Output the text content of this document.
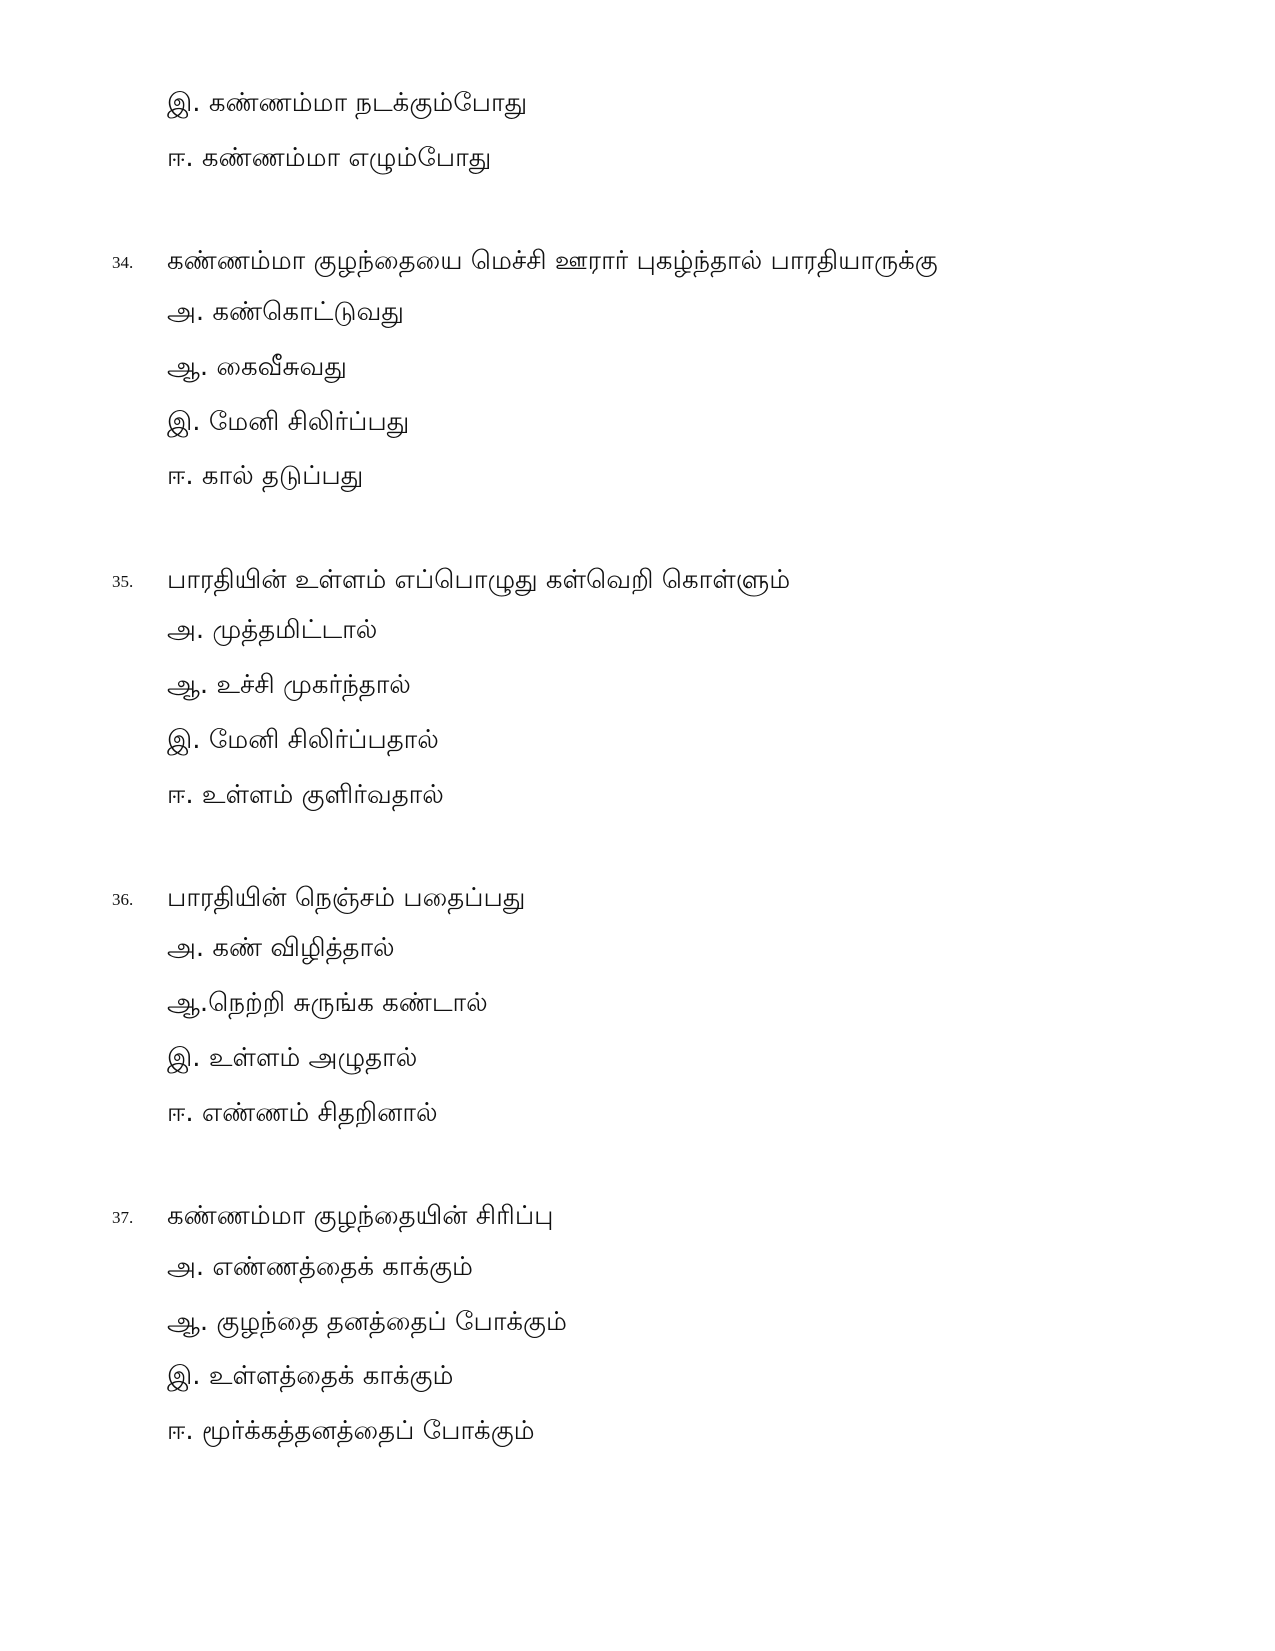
இ. கண்ணம்மா நடக்கும்போது
ஈ. கண்ணம்மா எழும்போது
34. கண்ணம்மா குழந்தையை மெச்சி ஊரார் புகழ்ந்தால் பாரதியாருக்கு
அ. கண்கொட்டுவது
ஆ. கைவீசுவது
இ. மேனி சிலிர்ப்பது
ஈ. கால் தடுப்பது
35. பாரதியின் உள்ளம் எப்பொழுது கள்வெறி கொள்ளும்
அ. முத்தமிட்டால்
ஆ. உச்சி முகர்ந்தால்
இ. மேனி சிலிர்ப்பதால்
ஈ. உள்ளம் குளிர்வதால்
36. பாரதியின் நெஞ்சம் பதைப்பது
அ. கண் விழித்தால்
ஆ.நெற்றி சுருங்க கண்டால்
இ. உள்ளம் அழுதால்
ஈ. எண்ணம் சிதறினால்
37. கண்ணம்மா குழந்தையின் சிரிப்பு
அ. எண்ணத்தைக் காக்கும்
ஆ. குழந்தை தனத்தைப் போக்கும்
இ. உள்ளத்தைக் காக்கும்
ஈ. மூர்க்கத்தனத்தைப் போக்கும்
